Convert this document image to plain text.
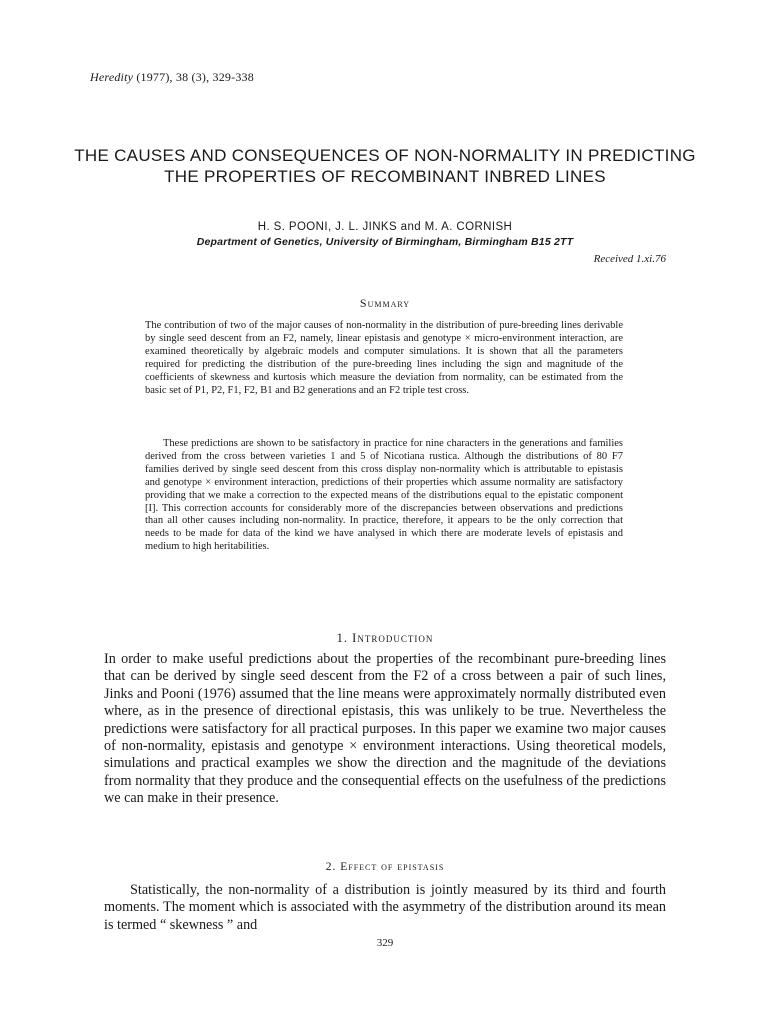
Heredity (1977), 38 (3), 329-338
THE CAUSES AND CONSEQUENCES OF NON-NORMALITY IN PREDICTING THE PROPERTIES OF RECOMBINANT INBRED LINES
H. S. POONI, J. L. JINKS and M. A. CORNISH
Department of Genetics, University of Birmingham, Birmingham B15 2TT
Received 1.xi.76
Summary

The contribution of two of the major causes of non-normality in the distribution of pure-breeding lines derivable by single seed descent from an F2, namely, linear epistasis and genotype × micro-environment interaction, are examined theoretically by algebraic models and computer simulations. It is shown that all the parameters required for predicting the distribution of the pure-breeding lines including the sign and magnitude of the coefficients of skewness and kurtosis which measure the deviation from normality, can be estimated from the basic set of P1, P2, F1, F2, B1 and B2 generations and an F2 triple test cross.

These predictions are shown to be satisfactory in practice for nine characters in the generations and families derived from the cross between varieties 1 and 5 of Nicotiana rustica. Although the distributions of 80 F7 families derived by single seed descent from this cross display non-normality which is attributable to epistasis and genotype × environment interaction, predictions of their properties which assume normality are satisfactory providing that we make a correction to the expected means of the distributions equal to the epistatic component [I]. This correction accounts for considerably more of the discrepancies between observations and predictions than all other causes including non-normality. In practice, therefore, it appears to be the only correction that needs to be made for data of the kind we have analysed in which there are moderate levels of epistasis and medium to high heritabilities.

1. Introduction

In order to make useful predictions about the properties of the recombinant pure-breeding lines that can be derived by single seed descent from the F2 of a cross between a pair of such lines, Jinks and Pooni (1976) assumed that the line means were approximately normally distributed even where, as in the presence of directional epistasis, this was unlikely to be true. Nevertheless the predictions were satisfactory for all practical purposes. In this paper we examine two major causes of non-normality, epistasis and genotype × environment interactions. Using theoretical models, simulations and practical examples we show the direction and the magnitude of the deviations from normality that they produce and the consequential effects on the usefulness of the predictions we can make in their presence.

2. Effect of epistasis

Statistically, the non-normality of a distribution is jointly measured by its third and fourth moments. The moment which is associated with the asymmetry of the distribution around its mean is termed “ skewness ” and

329
